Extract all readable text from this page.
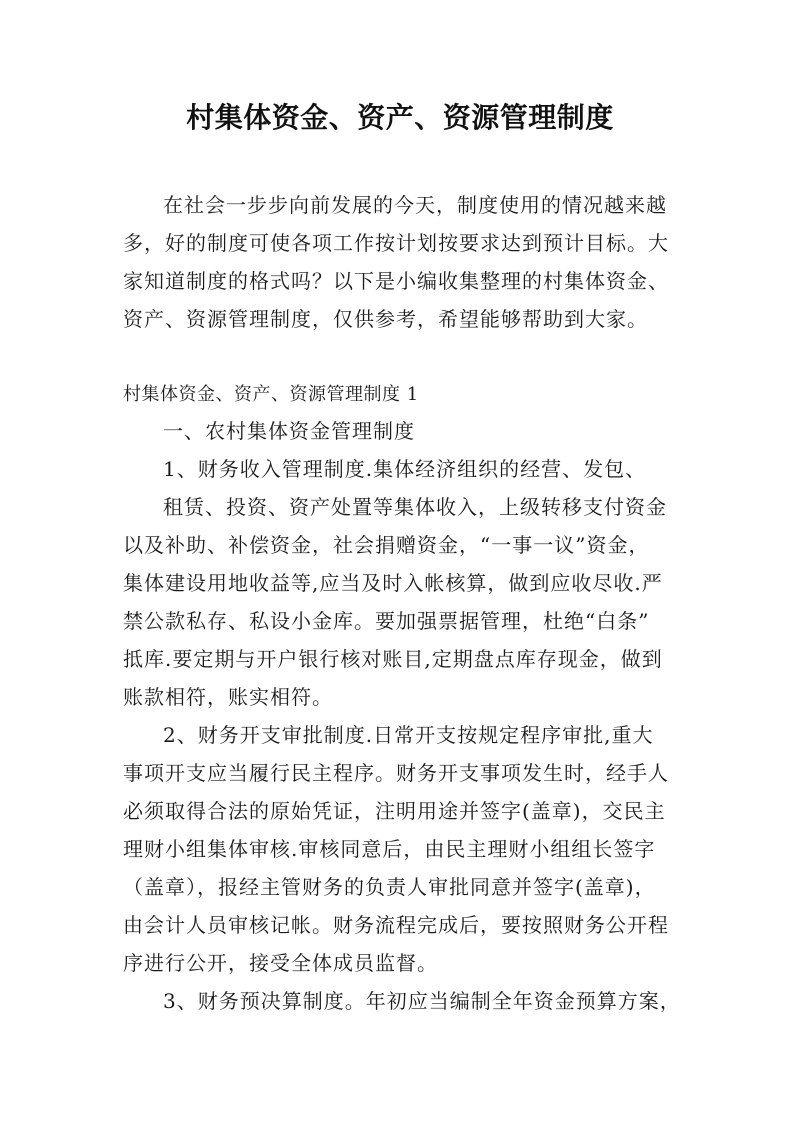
村集体资金、资产、资源管理制度
在社会一步步向前发展的今天，制度使用的情况越来越
多，好的制度可使各项工作按计划按要求达到预计目标。大
家知道制度的格式吗？以下是小编收集整理的村集体资金、
资产、资源管理制度，仅供参考，希望能够帮助到大家。
村集体资金、资产、资源管理制度 1
一、农村集体资金管理制度
1、财务收入管理制度.集体经济组织的经营、发包、
租赁、投资、资产处置等集体收入，上级转移支付资金
以及补助、补偿资金，社会捐赠资金，“一事一议”资金，
集体建设用地收益等,应当及时入帐核算，做到应收尽收.严
禁公款私存、私设小金库。要加强票据管理，杜绝“白条”
抵库.要定期与开户银行核对账目,定期盘点库存现金，做到
账款相符，账实相符。
2、财务开支审批制度.日常开支按规定程序审批,重大
事项开支应当履行民主程序。财务开支事项发生时，经手人
必须取得合法的原始凭证，注明用途并签字(盖章)，交民主
理财小组集体审核.审核同意后，由民主理财小组组长签字
（盖章），报经主管财务的负责人审批同意并签字(盖章)，
由会计人员审核记帐。财务流程完成后，要按照财务公开程
序进行公开，接受全体成员监督。
3、财务预决算制度。年初应当编制全年资金预算方案，
